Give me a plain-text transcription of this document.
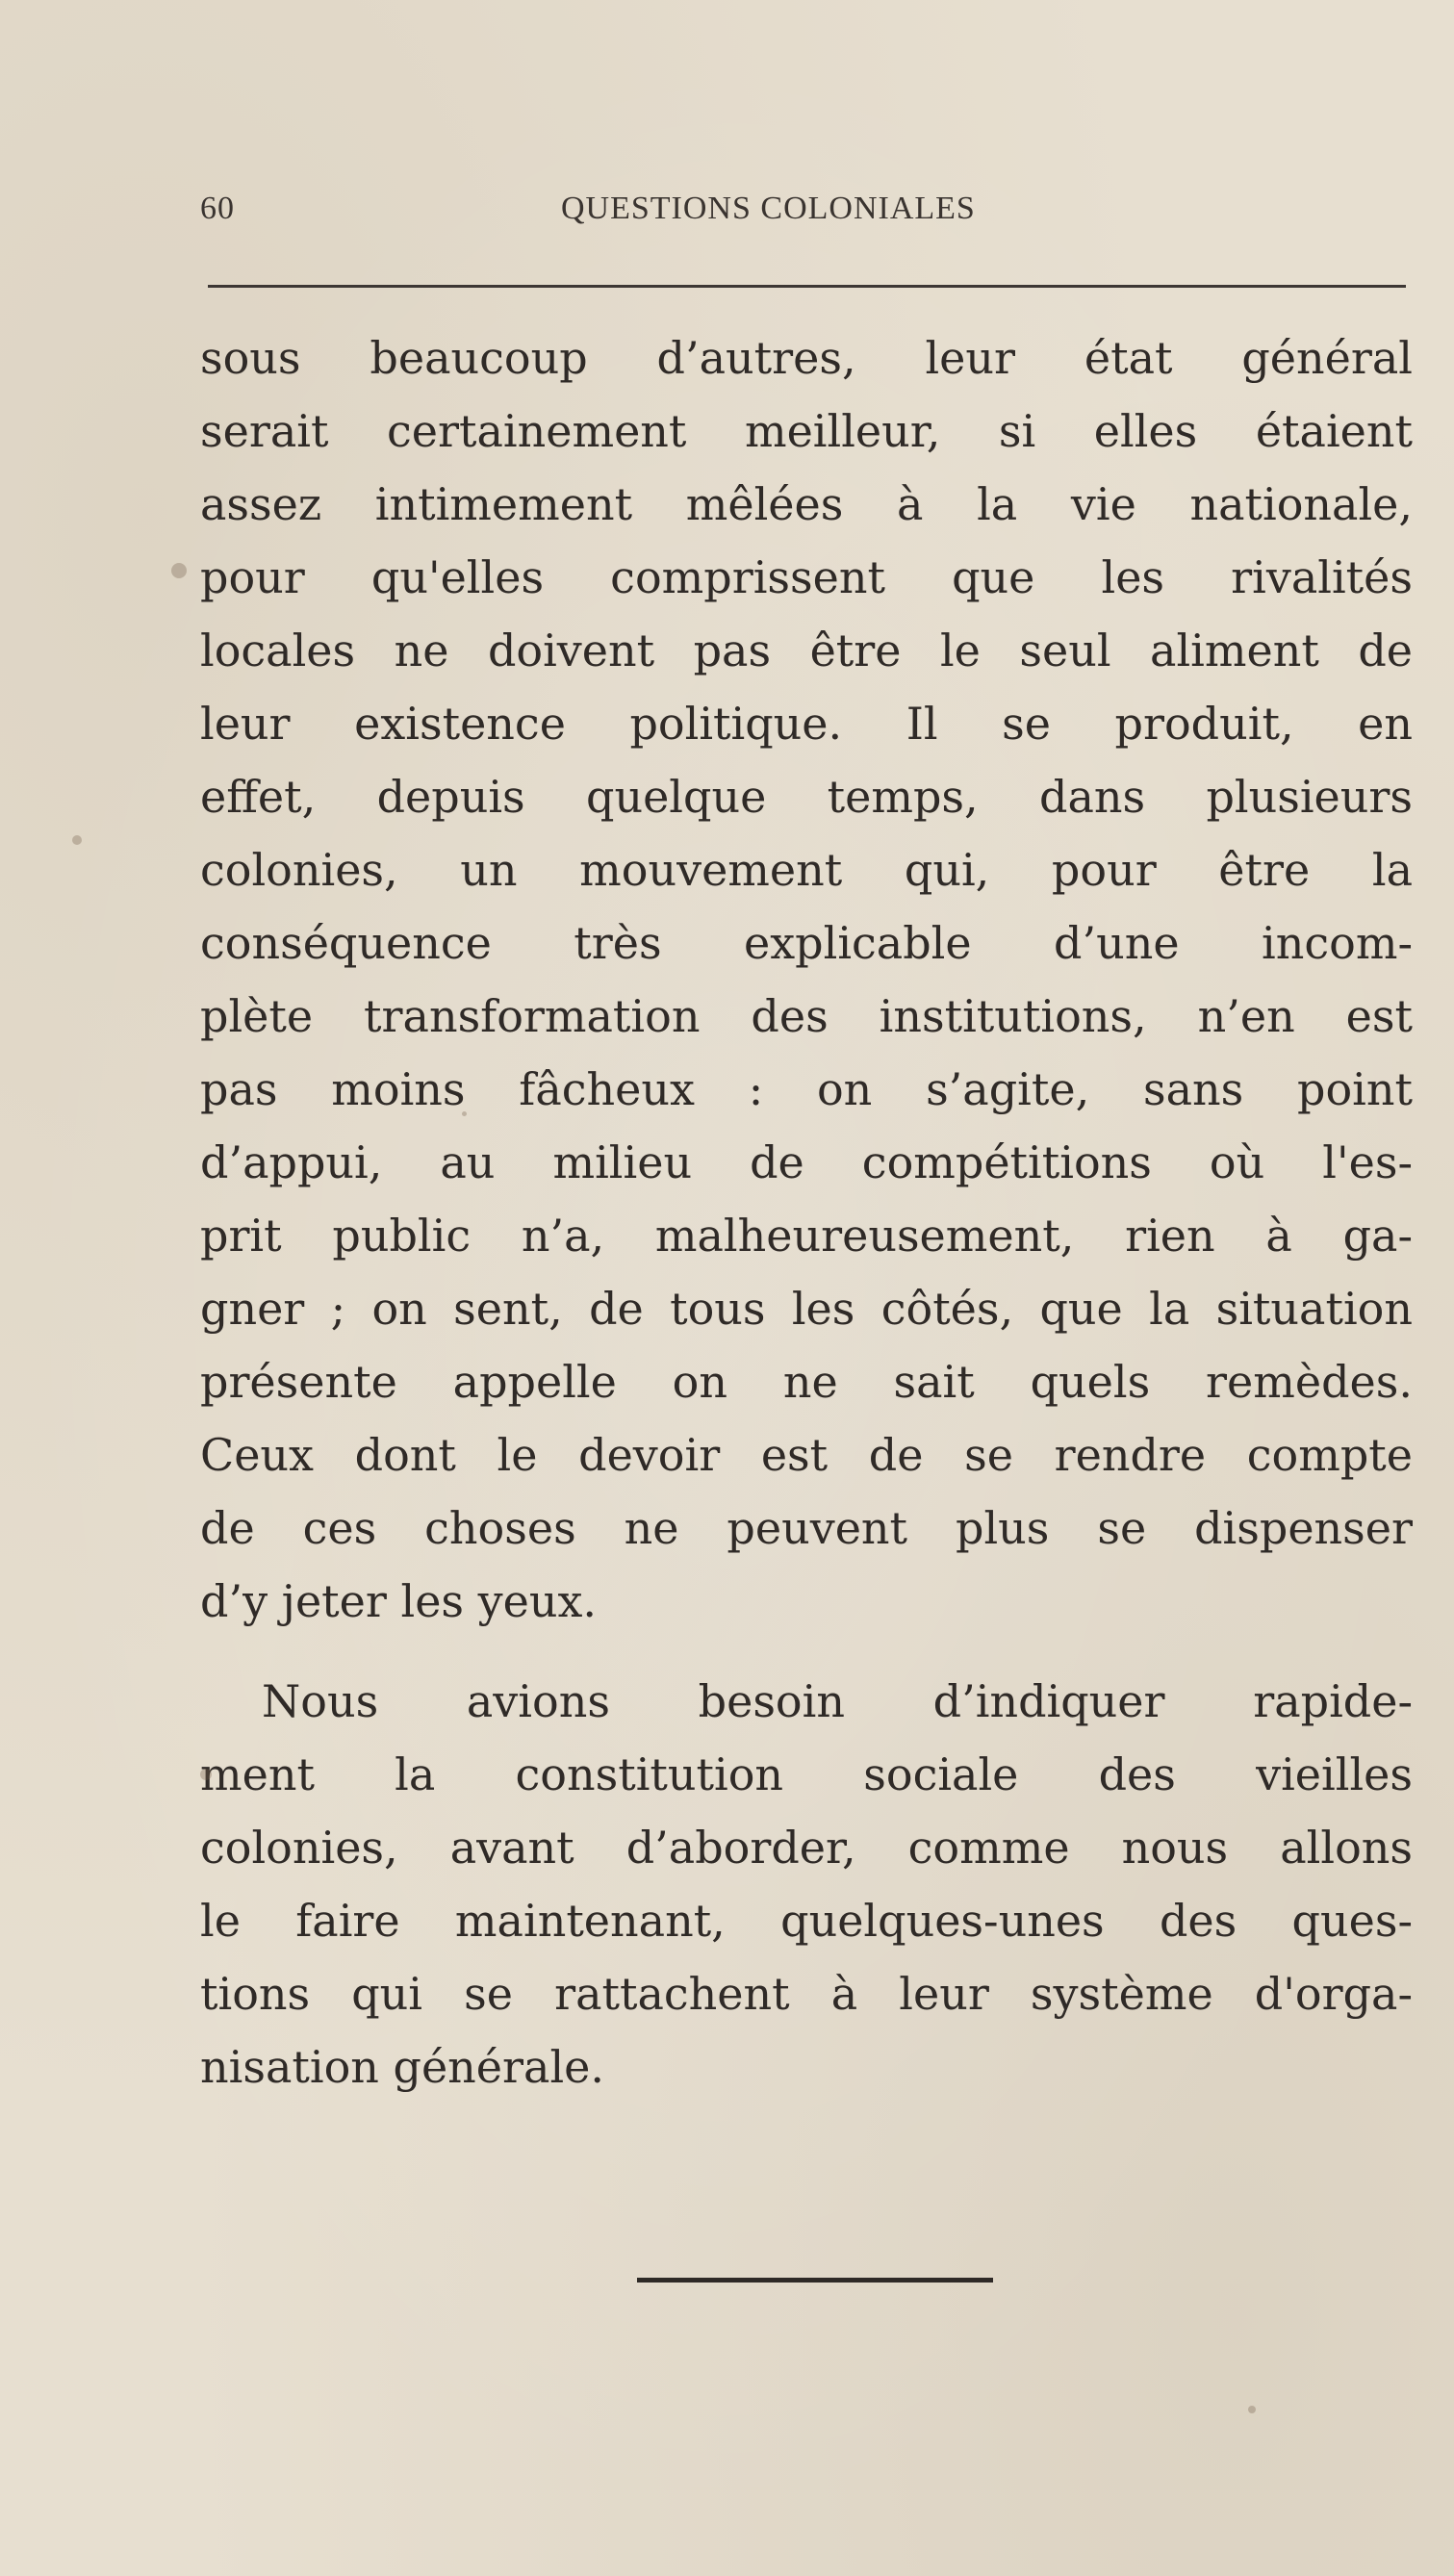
60	QUESTIONS COLONIALES
sous beaucoup d’autres, leur état général
serait certainement meilleur, si elles étaient
assez intimement mêlées à la vie nationale,
pour qu'elles comprissent que les rivalités
locales ne doivent pas être le seul aliment de
leur existence politique. Il se produit, en
effet, depuis quelque temps, dans plusieurs
colonies, un mouvement qui, pour être la
conséquence très explicable d’une incom-
plète transformation des institutions, n’en est
pas moins fâcheux : on s’agite, sans point
d’appui, au milieu de compétitions où l'es-
prit public n’a, malheureusement, rien à ga-
gner ; on sent, de tous les côtés, que la situation
présente appelle on ne sait quels remèdes.
Ceux dont le devoir est de se rendre compte
de ces choses ne peuvent plus se dispenser
d’y jeter les yeux.
Nous avions besoin d’indiquer rapide-
ment la constitution sociale des vieilles
colonies, avant d’aborder, comme nous allons
le faire maintenant, quelques-unes des ques-
tions qui se rattachent à leur système d'orga-
nisation générale.
